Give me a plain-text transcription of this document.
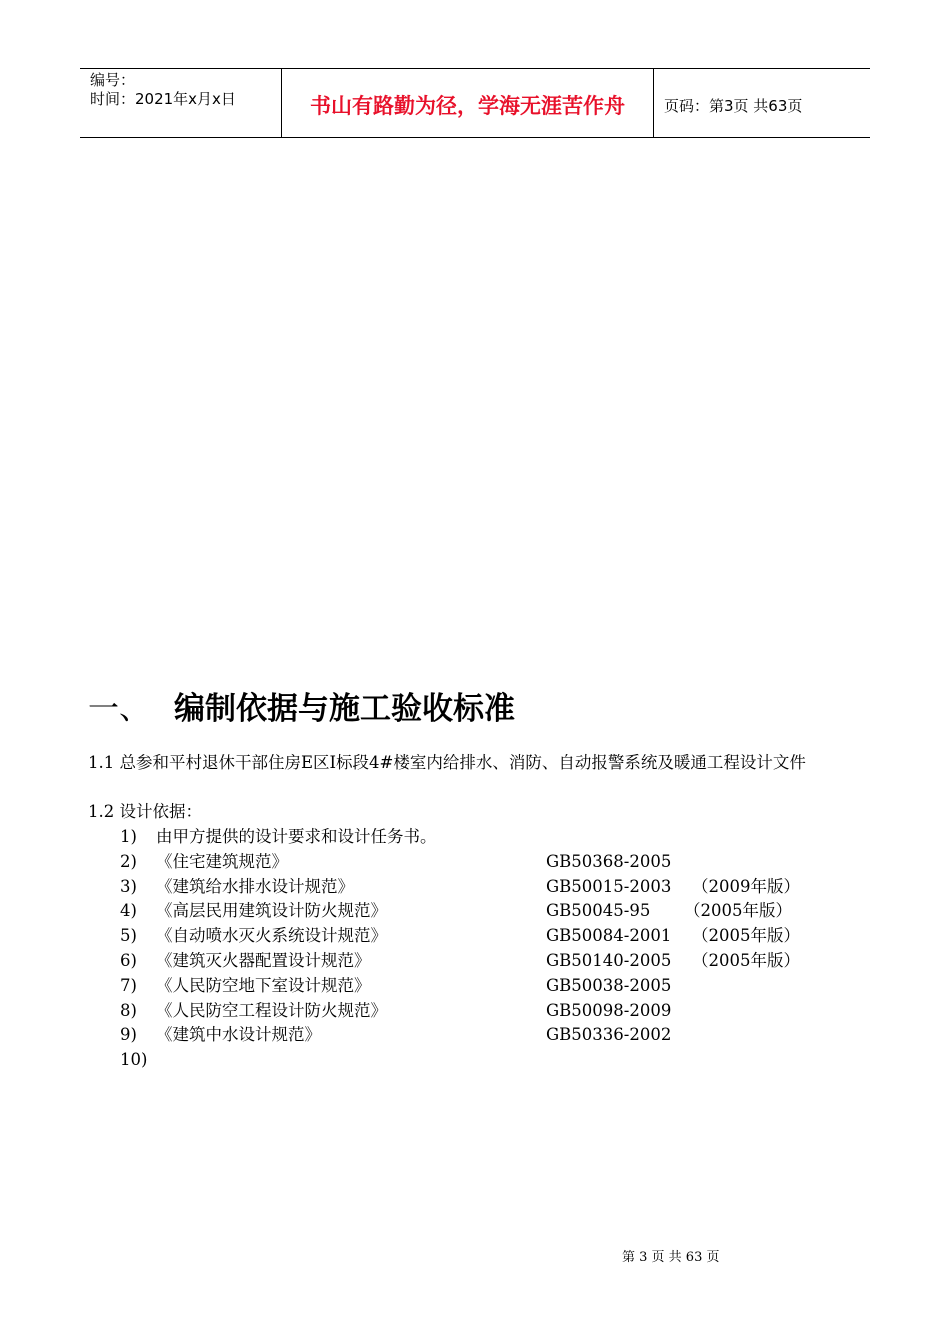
编号：
时间：2021年x月x日	书山有路勤为径，学海无涯苦作舟	页码：第3页 共63页
一、 编制依据与施工验收标准
1.1 总参和平村退休干部住房E区Ⅰ标段4#楼室内给排水、消防、自动报警系统及暖通工程设计文件
1.2 设计依据：
1) 由甲方提供的设计要求和设计任务书。
2) 《住宅建筑规范》	GB50368-2005
3) 《建筑给水排水设计规范》	GB50015-2003 （2009年版）
4) 《高层民用建筑设计防火规范》	GB50045-95 （2005年版）
5) 《自动喷水灭火系统设计规范》	GB50084-2001 （2005年版）
6) 《建筑灭火器配置设计规范》	GB50140-2005 （2005年版）
7) 《人民防空地下室设计规范》	GB50038-2005
8) 《人民防空工程设计防火规范》	GB50098-2009
9) 《建筑中水设计规范》	GB50336-2002
10)
第 3 页 共 63 页
